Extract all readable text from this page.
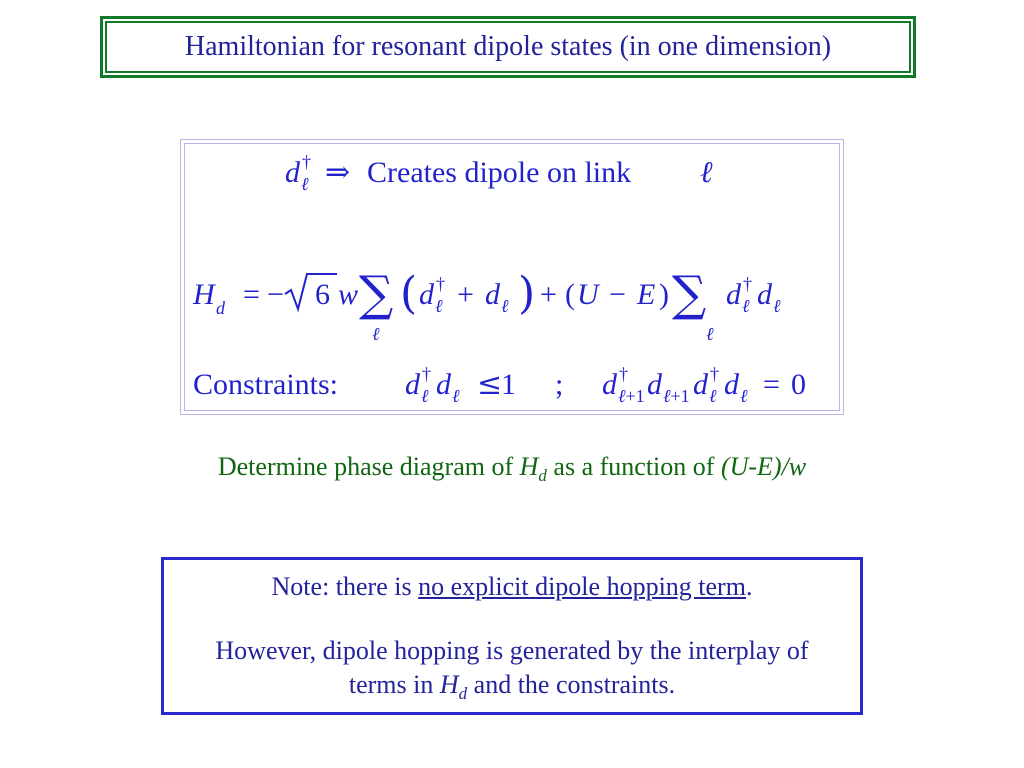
Hamiltonian for resonant dipole states (in one dimension)
d †
ℓ ⇒ Creates dipole on link ℓ
H d = − 6 w ∑
ℓ
( d †
ℓ + d ℓ ) + ( U − E ) ∑
ℓ
d †
ℓ d ℓ
Constraints: d †
ℓ d ℓ ≤
1 ; d †
ℓ+1 d ℓ+1 d †
ℓ d ℓ = 0
Determine phase diagram of $H_d$ as a function of (U-E)/w
Note: there is no explicit dipole hopping term.
However, dipole hopping is generated by the interplay of terms in $H_d$ and the constraints.
